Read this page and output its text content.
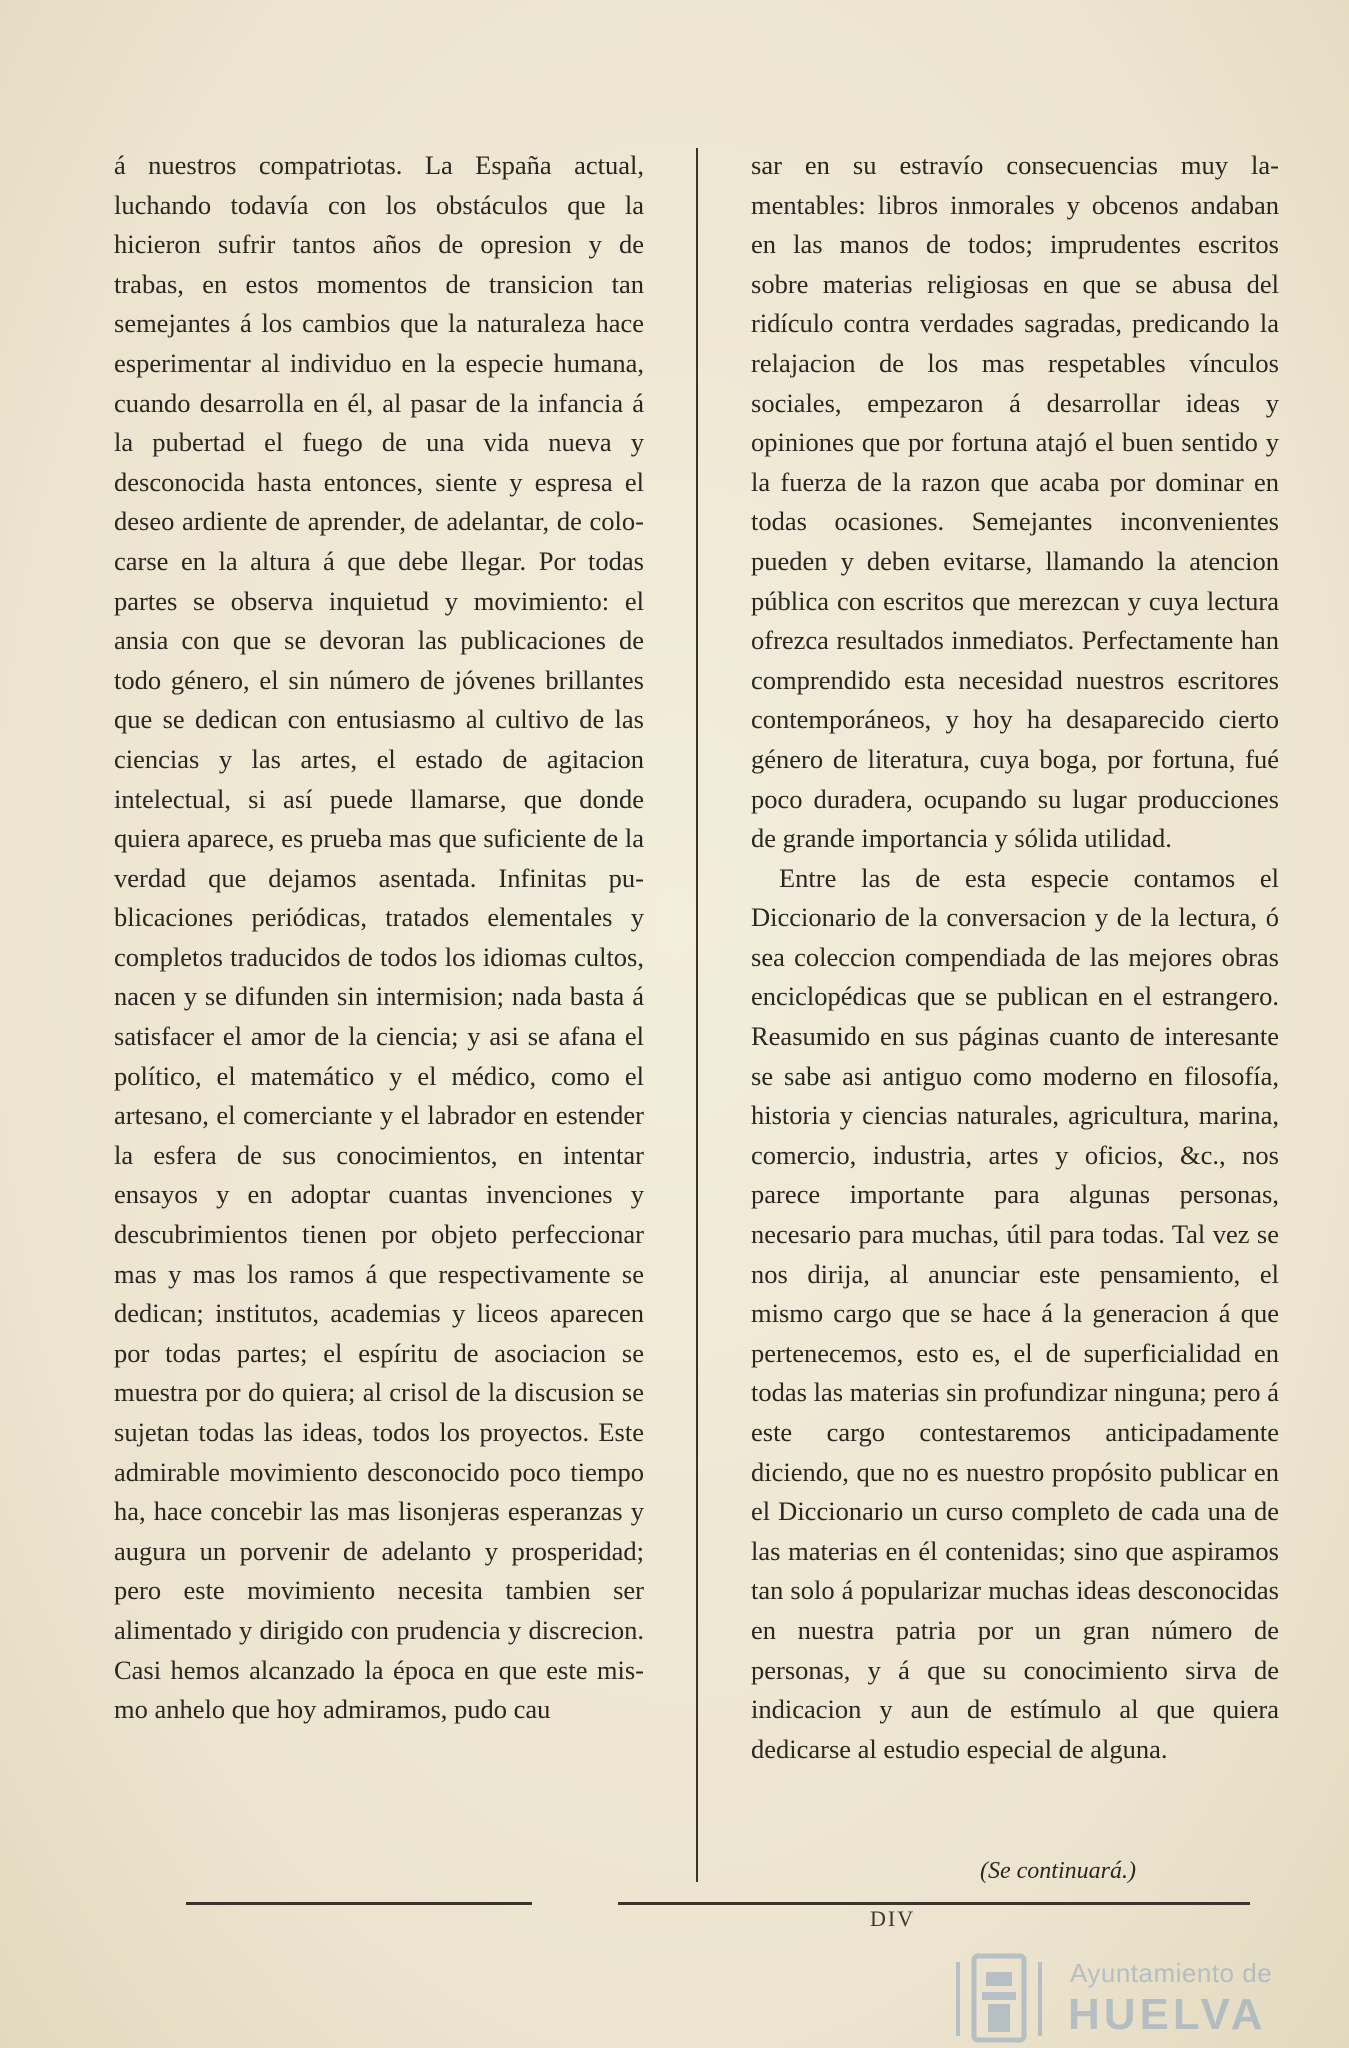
á nuestros compatriotas. La España actual, luchando todavía con los obstáculos que la hicieron sufrir tantos años de opresion y de trabas, en estos momentos de transicion tan semejantes á los cambios que la naturaleza hace esperimentar al individuo en la especie humana, cuando desarrolla en él, al pasar de la infancia á la pubertad el fuego de una vida nueva y desconocida hasta entonces, siente y espresa el deseo ardiente de aprender, de adelantar, de colocarse en la altura á que debe llegar. Por todas partes se observa inquietud y movimiento: el ansia con que se devoran las publicaciones de todo género, el sin número de jóvenes brillantes que se dedican con entusiasmo al cultivo de las ciencias y las artes, el estado de agitacion intelectual, si así puede llamarse, que donde quiera aparece, es prueba mas que suficiente de la verdad que dejamos asentada. Infinitas publicaciones periódicas, tratados elementales y completos traducidos de todos los idiomas cultos, nacen y se difunden sin intermision; nada basta á satisfacer el amor de la ciencia; y asi se afana el político, el matemático y el médico, como el artesano, el comerciante y el labrador en estender la esfera de sus conocimientos, en intentar ensayos y en adoptar cuantas invenciones y descubrimientos tienen por objeto perfeccionar mas y mas los ramos á que respectivamente se dedican; institutos, academias y liceos aparecen por todas partes; el espíritu de asociacion se muestra por do quiera; al crisol de la discusion se sujetan todas las ideas, todos los proyectos. Este admirable movimiento desconocido poco tiempo ha, hace concebir las mas lisonjeras esperanzas y augura un porvenir de adelanto y prosperidad; pero este movimiento necesita tambien ser alimentado y dirigido con prudencia y discrecion. Casi hemos alcanzado la época en que este mismo anhelo que hoy admiramos, pudo cau

sar en su estravío consecuencias muy lamentables: libros inmorales y obcenos andaban en las manos de todos; imprudentes escritos sobre materias religiosas en que se abusa del ridículo contra verdades sagradas, predicando la relajacion de los mas respetables vínculos sociales, empezaron á desarrollar ideas y opiniones que por fortuna atajó el buen sentido y la fuerza de la razon que acaba por dominar en todas ocasiones. Semejantes inconvenientes pueden y deben evitarse, llamando la atencion pública con escritos que merezcan y cuya lectura ofrezca resultados inmediatos. Perfectamente han comprendido esta necesidad nuestros escritores contemporáneos, y hoy ha desaparecido cierto género de literatura, cuya boga, por fortuna, fué poco duradera, ocupando su lugar producciones de grande importancia y sólida utilidad.

Entre las de esta especie contamos el Diccionario de la conversacion y de la lectura, ó sea coleccion compendiada de las mejores obras enciclopédicas que se publican en el estrangero. Reasumido en sus páginas cuanto de interesante se sabe asi antiguo como moderno en filosofía, historia y ciencias naturales, agricultura, marina, comercio, industria, artes y oficios, &c., nos parece importante para algunas personas, necesario para muchas, útil para todas. Tal vez se nos dirija, al anunciar este pensamiento, el mismo cargo que se hace á la generacion á que pertenecemos, esto es, el de superficialidad en todas las materias sin profundizar ninguna; pero á este cargo contestaremos anticipadamente diciendo, que no es nuestro propósito publicar en el Diccionario un curso completo de cada una de las materias en él contenidas; sino que aspiramos tan solo á popularizar muchas ideas desconocidas en nuestra patria por un gran número de personas, y á que su conocimiento sirva de indicacion y aun de estímulo al que quiera dedicarse al estudio especial de alguna.

(Se continuará.)
DIV
Ayuntamiento de
HUELVA
